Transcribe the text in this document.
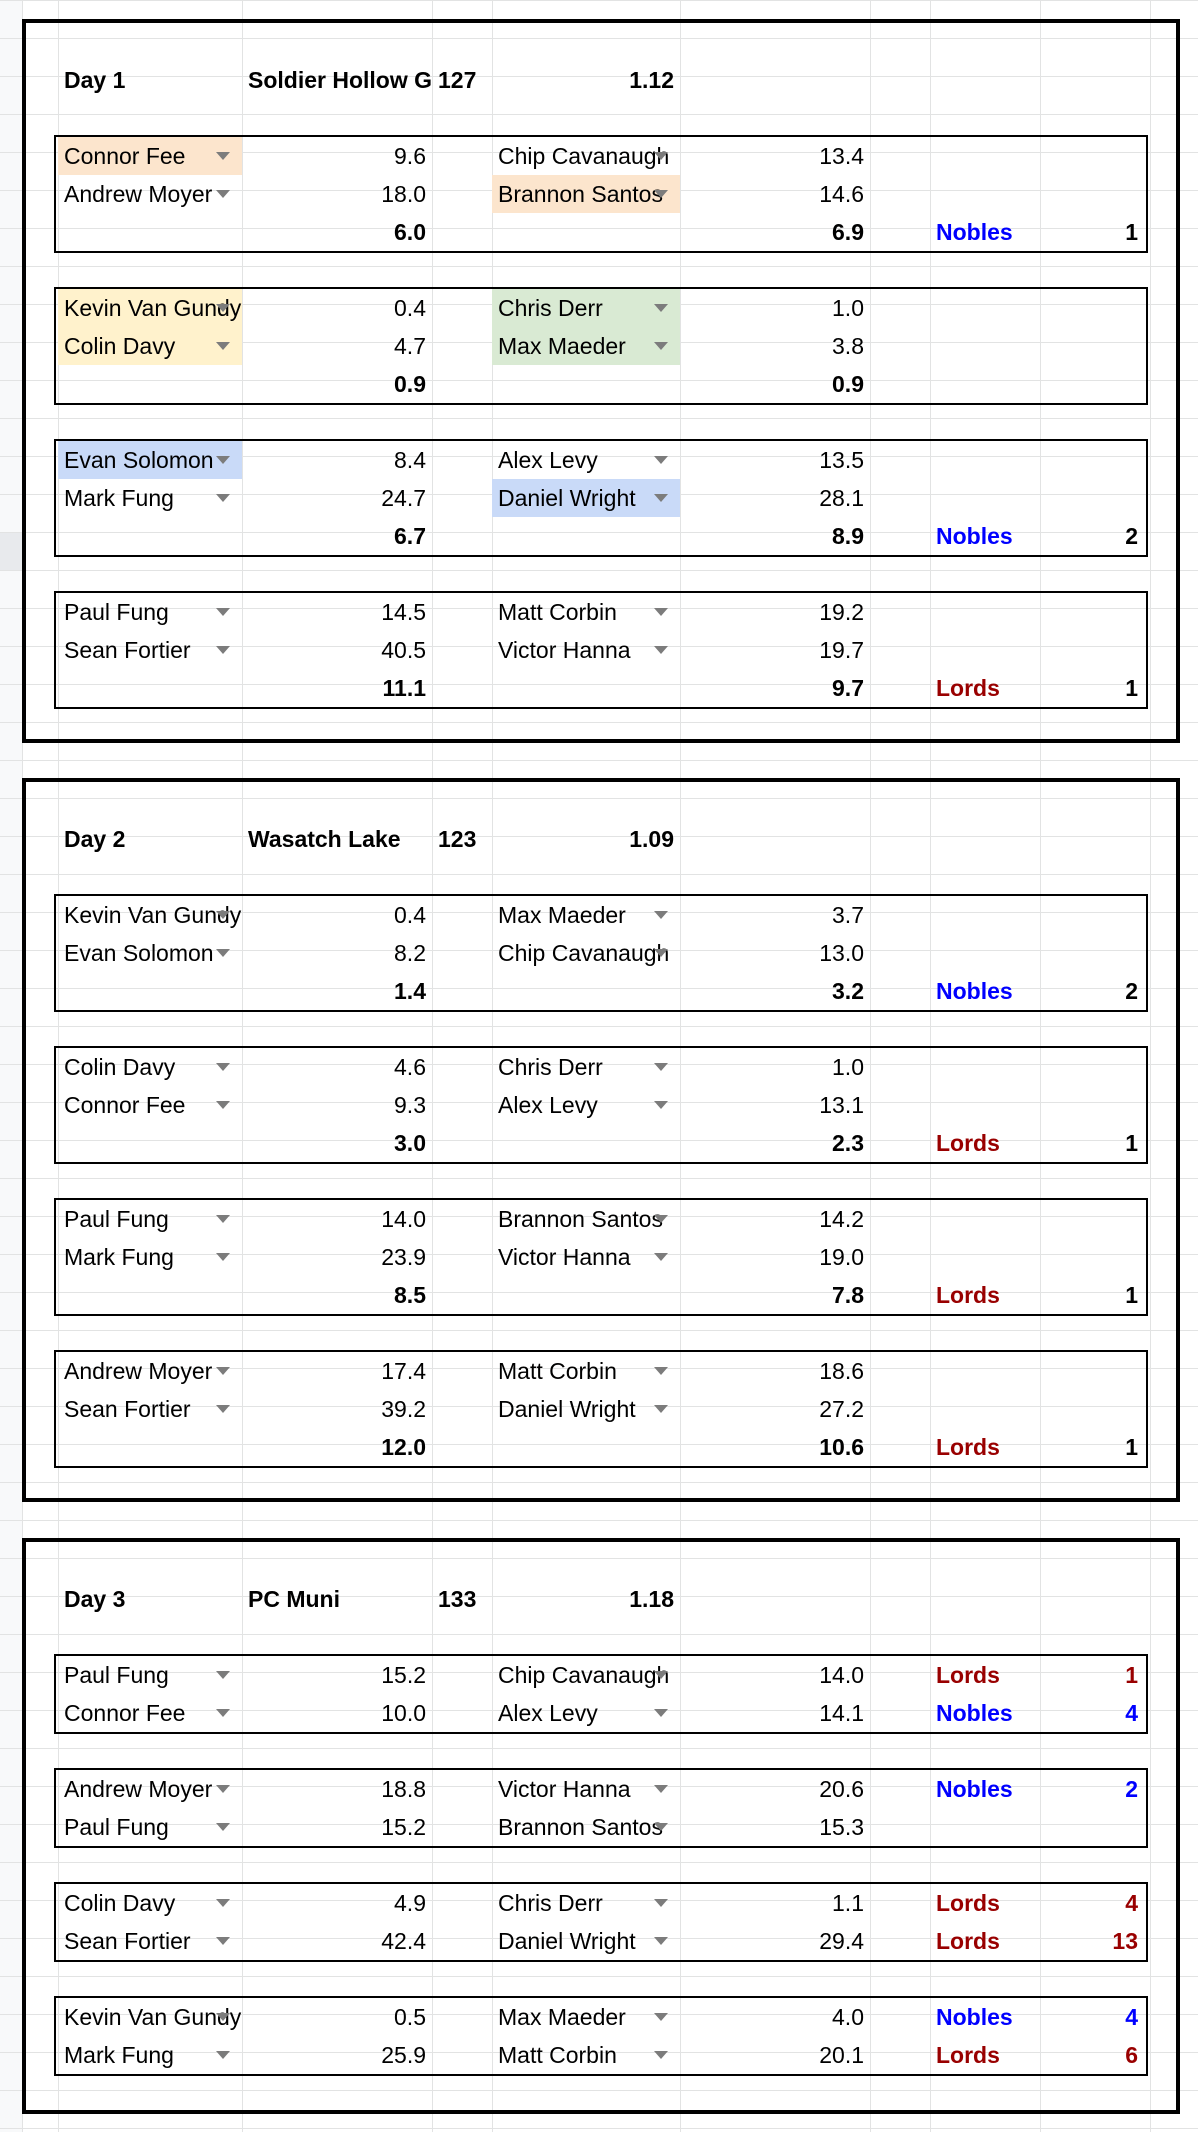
Day 1	Soldier Hollow G 127	1.12
Connor Fee	9.6	Chip Cavanaugh	13.4
Andrew Moyer	18.0	Brannon Santos	14.6
6.0	6.9	Nobles	1
Kevin Van Gundy	0.4	Chris Derr	1.0
Colin Davy	4.7	Max Maeder	3.8
0.9	0.9
Evan Solomon	8.4	Alex Levy	13.5
Mark Fung	24.7	Daniel Wright	28.1
6.7	8.9	Nobles	2
Paul Fung	14.5	Matt Corbin	19.2
Sean Fortier	40.5	Victor Hanna	19.7
11.1	9.7	Lords	1
Day 2	Wasatch Lake	123	1.09
Kevin Van Gundy	0.4	Max Maeder	3.7
Evan Solomon	8.2	Chip Cavanaugh	13.0
1.4	3.2	Nobles	2
Colin Davy	4.6	Chris Derr	1.0
Connor Fee	9.3	Alex Levy	13.1
3.0	2.3	Lords	1
Paul Fung	14.0	Brannon Santos	14.2
Mark Fung	23.9	Victor Hanna	19.0
8.5	7.8	Lords	1
Andrew Moyer	17.4	Matt Corbin	18.6
Sean Fortier	39.2	Daniel Wright	27.2
12.0	10.6	Lords	1
Day 3	PC Muni	133	1.18
Paul Fung	15.2	Chip Cavanaugh	14.0	Lords	1
Connor Fee	10.0	Alex Levy	14.1	Nobles	4
Andrew Moyer	18.8	Victor Hanna	20.6	Nobles	2
Paul Fung	15.2	Brannon Santos	15.3
Colin Davy	4.9	Chris Derr	1.1	Lords	4
Sean Fortier	42.4	Daniel Wright	29.4	Lords	13
Kevin Van Gundy	0.5	Max Maeder	4.0	Nobles	4
Mark Fung	25.9	Matt Corbin	20.1	Lords	6
